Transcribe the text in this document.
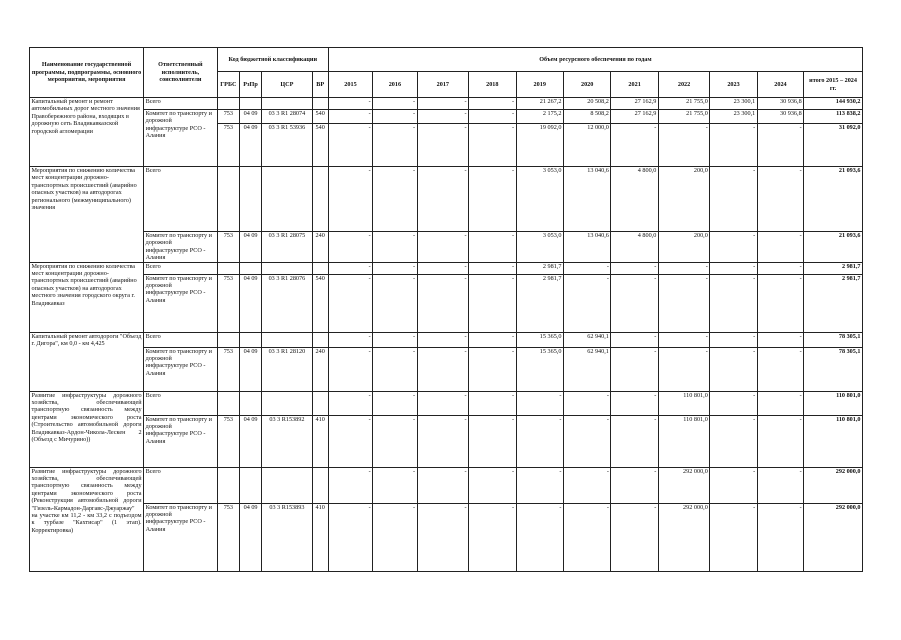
Наименование государственной программы, подпрограммы, основного мероприятия, мероприятия	Ответственный исполнитель, соисполнители	Код бюджетной классификации				Объем ресурсного обеспечения по годам										
		ГРБС	РзПр	ЦСР	ВР	2015	2016	2017	2018	2019	2020	2021	2022	2023	2024	итого 2015 – 2024 гг.
Капитальный ремонт и ремонт автомобильных дорог местного значения Правобережного района, входящих в дорожную сеть Владикавказской городской агломерации	Всего					-	-	-	-	21 267,2	20 508,2	27 162,9	21 755,0	23 300,1	30 936,8	144 930,2
	Комитет по транспорту и дорожной инфраструктуре РСО - Алания	753	04 09	03 3 R1 28074	540	-	-	-	-	2 175,2	8 508,2	27 162,9	21 755,0	23 300,1	30 936,8	113 838,2
		753	04 09	03 3 R1 53936	540	-	-	-	-	19 092,0	12 000,0	-	-	-	-	31 092,0
Мероприятия по снижению количества мест концентрации дорожно-транспортных происшествий (аварийно опасных участков) на автодорогах регионального (межмуниципального) значения	Всего					-	-	-	-	3 053,0	13 040,6	4 800,0	200,0	-	-	21 093,6
	Комитет по транспорту и дорожной инфраструктуре РСО - Алания	753	04 09	03 3 R1 28075	240	-	-	-	-	3 053,0	13 040,6	4 800,0	200,0	-	-	21 093,6
Мероприятия по снижению количества мест концентрации дорожно-транспортных происшествий (аварийно опасных участков) на автодорогах местного значения городского округа г. Владикавказ	Всего					-	-	-	-	2 981,7	-	-	-	-	-	2 981,7
	Комитет по транспорту и дорожной инфраструктуре РСО - Алания	753	04 09	03 3 R1 28076	540	-	-	-	-	2 981,7	-	-	-	-	-	2 981,7
Капитальный ремонт автодороги "Объезд г. Дигора", км 0,0 - км 4,425	Всего					-	-	-	-	15 365,0	62 940,1	-	-	-	-	78 305,1
	Комитет по транспорту и дорожной инфраструктуре РСО - Алания	753	04 09	03 3 R1 28120	240	-	-	-	-	15 365,0	62 940,1	-	-	-	-	78 305,1
Развитие инфраструктуры дорожного хозяйства, обеспечивающей транспортную связанность между центрами экономического роста (Строительство автомобильной дороги Владикавказ-Ардон-Чикола-Лескен 2 (Объезд с Мичурино))	Всего					-	-	-	-	-	-	-	110 801,0	-	-	110 801,0
	Комитет по транспорту и дорожной инфраструктуре РСО - Алания	753	04 09	03 3 R153892	410	-	-	-	-	-	-	-	110 801,0	-	-	110 801,0
Развитие инфраструктуры дорожного хозяйства, обеспечивающей транспортную связанность между центрами экономического роста (Реконструкция автомобильной дороги "Гизель-Кармадон-Даргавс-Джуаржау" на участке км 11,2 - км 33,2 с подъездом к турбазе "Кахтисар" (1 этап). Корректировка)	Всего					-	-	-	-	-	-	-	292 000,0	-	-	292 000,0
	Комитет по транспорту и дорожной инфраструктуре РСО - Алания	753	04 09	03 3 R153893	410	-	-	-	-	-	-	-	292 000,0	-	-	292 000,0
